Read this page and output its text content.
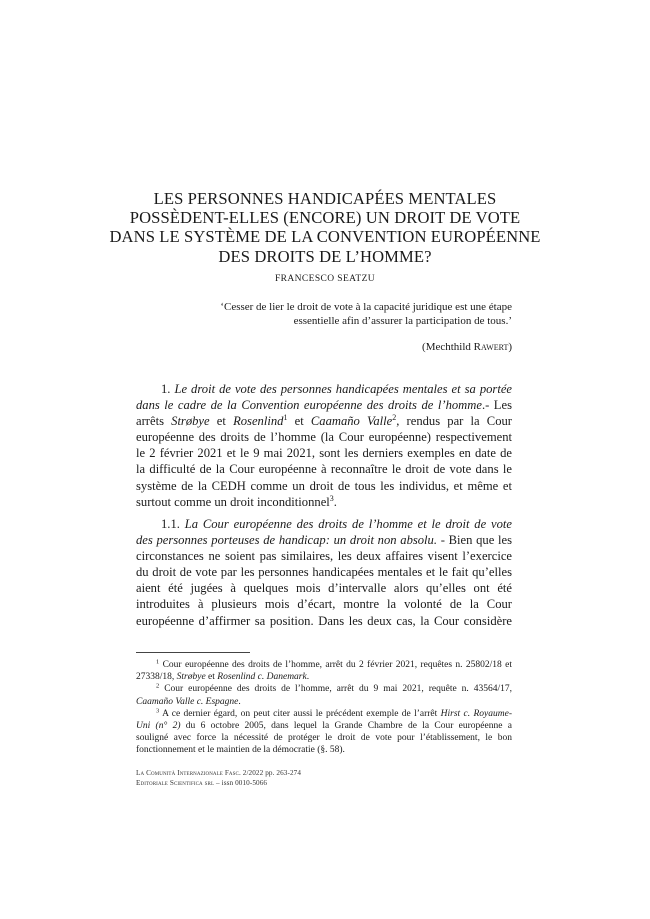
LES PERSONNES HANDICAPÉES MENTALES
POSSÈDENT-ELLES (ENCORE) UN DROIT DE VOTE
DANS LE SYSTÈME DE LA CONVENTION EUROPÉENNE
DES DROITS DE L’HOMME?
FRANCESCO SEATZU
‘Cesser de lier le droit de vote à la capacité juridique est une étape
essentielle afin d’assurer la participation de tous.’
(Mechthild Rawert)
1. Le droit de vote des personnes handicapées mentales et sa portée
dans le cadre de la Convention européenne des droits de l’homme.- Les
arrêts Strøbye et Rosenlind$^1$ et Caamaño Valle$^2$, rendus par la Cour
européenne des droits de l’homme (la Cour européenne) respectivement
le 2 février 2021 et le 9 mai 2021, sont les derniers exemples en date de
la difficulté de la Cour européenne à reconnaître le droit de vote dans le
système de la CEDH comme un droit de tous les individus, et même et
surtout comme un droit inconditionnel$^3$.
1.1. La Cour européenne des droits de l’homme et le droit de vote
des personnes porteuses de handicap: un droit non absolu. - Bien que les
circonstances ne soient pas similaires, les deux affaires visent l’exercice
du droit de vote par les personnes handicapées mentales et le fait qu’elles
aient été jugées à quelques mois d’intervalle alors qu’elles ont été
introduites à plusieurs mois d’écart, montre la volonté de la Cour
européenne d’affirmer sa position. Dans les deux cas, la Cour considère
$^1$ Cour européenne des droits de l’homme, arrêt du 2 février 2021, requêtes n. 25802/18 et
27338/18, Strøbye et Rosenlind c. Danemark.
$^2$ Cour européenne des droits de l’homme, arrêt du 9 mai 2021, requête n. 43564/17,
Caamaño Valle c. Espagne.
$^3$ A ce dernier égard, on peut citer aussi le précédent exemple de l’arrêt Hirst c. Royaume-
Uni (n° 2) du 6 octobre 2005, dans lequel la Grande Chambre de la Cour européenne a
souligné avec force la nécessité de protéger le droit de vote pour l’établissement, le bon
fonctionnement et le maintien de la démocratie (§. 58).
La Comunità Internazionale Fasc. 2/2022 pp. 263-274
Editoriale Scientifica srl – issn 0010-5066
